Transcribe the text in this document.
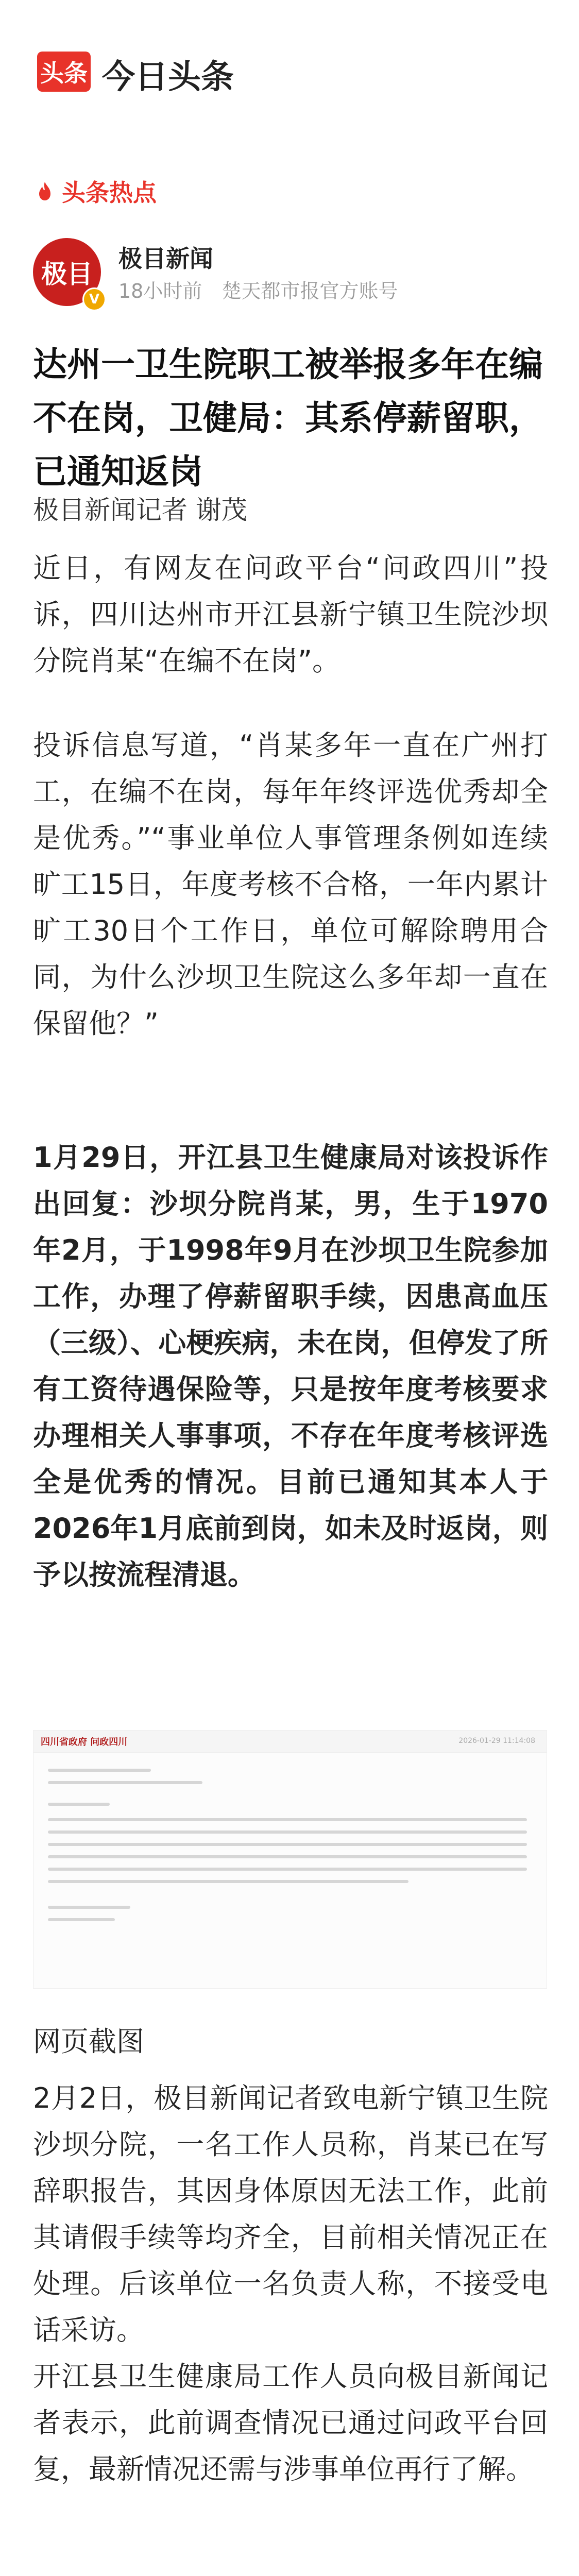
头条 今日头条
头条热点
极目
V
极目新闻
18小时前 楚天都市报官方账号
达州一卫生院职工被举报多年在编不在岗，卫健局：其系停薪留职，已通知返岗
极目新闻记者 谢茂
近日，有网友在问政平台“问政四川”投诉，四川达州市开江县新宁镇卫生院沙坝分院肖某“在编不在岗”。
投诉信息写道，“肖某多年一直在广州打工，在编不在岗，每年年终评选优秀却全是优秀。”“事业单位人事管理条例如连续旷工15日，年度考核不合格，一年内累计旷工30日个工作日，单位可解除聘用合同，为什么沙坝卫生院这么多年却一直在保留他？”
1月29日，开江县卫生健康局对该投诉作出回复：沙坝分院肖某，男，生于1970年2月，于1998年9月在沙坝卫生院参加工作，办理了停薪留职手续，因患高血压（三级）、心梗疾病，未在岗，但停发了所有工资待遇保险等，只是按年度考核要求办理相关人事事项，不存在年度考核评选全是优秀的情况。目前已通知其本人于2026年1月底前到岗，如未及时返岗，则予以按流程清退。
四川省政府 问政四川	2026-01-29 11:14:08
网页截图
2月2日，极目新闻记者致电新宁镇卫生院沙坝分院，一名工作人员称，肖某已在写辞职报告，其因身体原因无法工作，此前其请假手续等均齐全，目前相关情况正在处理。后该单位一名负责人称，不接受电话采访。
开江县卫生健康局工作人员向极目新闻记者表示，此前调查情况已通过问政平台回复，最新情况还需与涉事单位再行了解。
